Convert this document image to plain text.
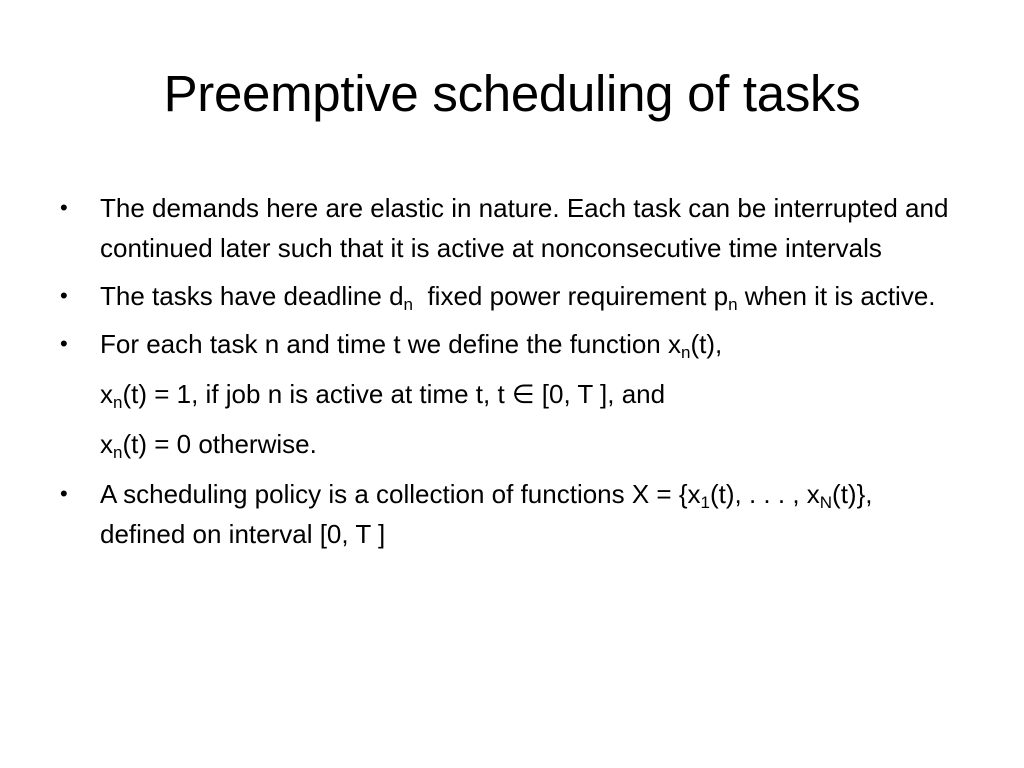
Preemptive scheduling of tasks
•	The demands here are elastic in nature. Each task can be interrupted and continued later such that it is active at nonconsecutive time intervals
•	The tasks have deadline $d_n$  fixed power requirement $p_n$ when it is active.
•	For each task n and time t we define the function $x_n(t)$,
$x_n(t) = 1$, if job n is active at time t, t ∈ [0, T ], and
$x_n(t) = 0$ otherwise.
•	A scheduling policy is a collection of functions $X = \{x_1(t)$, . . . , $x_N(t)$}, defined on interval [0, T ]
